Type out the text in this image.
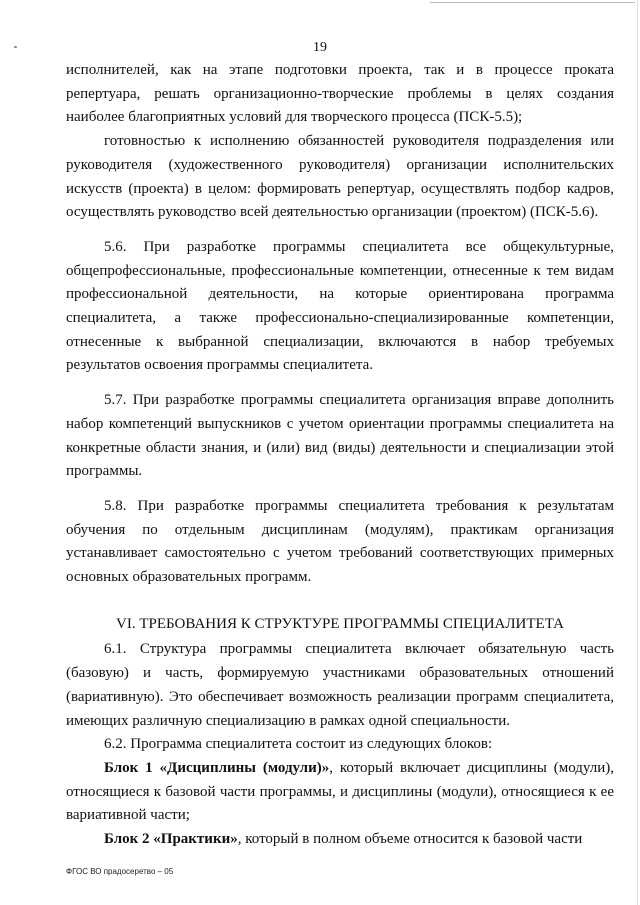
19

исполнителей, как на этапе подготовки проекта, так и в процессе проката репертуара, решать организационно-творческие проблемы в целях создания наиболее благоприятных условий для творческого процесса (ПСК-5.5);

готовностью к исполнению обязанностей руководителя подразделения или руководителя (художественного руководителя) организации исполнительских искусств (проекта) в целом: формировать репертуар, осуществлять подбор кадров, осуществлять руководство всей деятельностью организации (проектом) (ПСК-5.6).

5.6. При разработке программы специалитета все общекультурные, общепрофессиональные, профессиональные компетенции, отнесенные к тем видам профессиональной деятельности, на которые ориентирована программа специалитета, а также профессионально-специализированные компетенции, отнесенные к выбранной специализации, включаются в набор требуемых результатов освоения программы специалитета.

5.7. При разработке программы специалитета организация вправе дополнить набор компетенций выпускников с учетом ориентации программы специалитета на конкретные области знания, и (или) вид (виды) деятельности и специализации этой программы.

5.8. При разработке программы специалитета требования к результатам обучения по отдельным дисциплинам (модулям), практикам организация устанавливает самостоятельно с учетом требований соответствующих примерных основных образовательных программ.

VI. ТРЕБОВАНИЯ К СТРУКТУРЕ ПРОГРАММЫ СПЕЦИАЛИТЕТА

6.1. Структура программы специалитета включает обязательную часть (базовую) и часть, формируемую участниками образовательных отношений (вариативную). Это обеспечивает возможность реализации программ специалитета, имеющих различную специализацию в рамках одной специальности.

6.2. Программа специалитета состоит из следующих блоков:

Блок 1 «Дисциплины (модули)», который включает дисциплины (модули), относящиеся к базовой части программы, и дисциплины (модули), относящиеся к ее вариативной части;

Блок 2 «Практики», который в полном объеме относится к базовой части

ФГОС ВО прадосеретво – 05
